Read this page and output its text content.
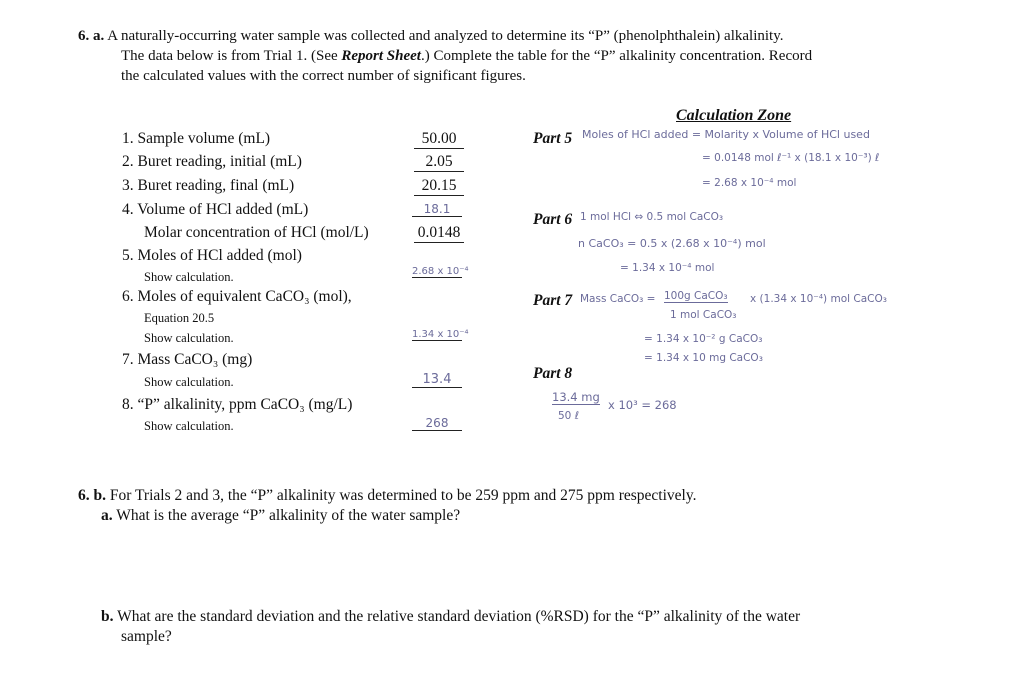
6. a. A naturally-occurring water sample was collected and analyzed to determine its “P” (phenolphthalein) alkalinity.
The data below is from Trial 1. (See Report Sheet.) Complete the table for the “P” alkalinity concentration. Record
the calculated values with the correct number of significant figures.
Calculation Zone
1. Sample volume (mL)
2. Buret reading, initial (mL)
3. Buret reading, final (mL)
4. Volume of HCl added (mL)
Molar concentration of HCl (mol/L)
5. Moles of HCl added (mol)
Show calculation.
6. Moles of equivalent CaCO₃ (mol),
Equation 20.5
Show calculation.
7. Mass CaCO₃ (mg)
Show calculation.
8. “P” alkalinity, ppm CaCO₃ (mg/L)
Show calculation.
50.00
2.05
20.15
18.1
0.0148
2.68 x 10⁻⁴
1.34 x 10⁻⁴
13.4
268
Part 5 Moles of HCl added = Molarity x Volume of HCl used
= 0.0148 mol ℓ⁻¹ x (18.1 x 10⁻³) ℓ
= 2.68 x 10⁻⁴ mol
Part 6 1 mol HCl ⇔ 0.5 mol CaCO₃
n CaCO₃ = 0.5 x (2.68 x 10⁻⁴) mol
= 1.34 x 10⁻⁴ mol
Part 7 Mass CaCO₃ = 100g CaCO₃
1 mol CaCO₃
x (1.34 x 10⁻⁴) mol CaCO₃
= 1.34 x 10⁻² g CaCO₃
= 1.34 x 10 mg CaCO₃
Part 8
13.4 mg
50 ℓ
x 10³ = 268
6. b. For Trials 2 and 3, the “P” alkalinity was determined to be 259 ppm and 275 ppm respectively.
a. What is the average “P” alkalinity of the water sample?
b. What are the standard deviation and the relative standard deviation (%RSD) for the “P” alkalinity of the water
sample?
